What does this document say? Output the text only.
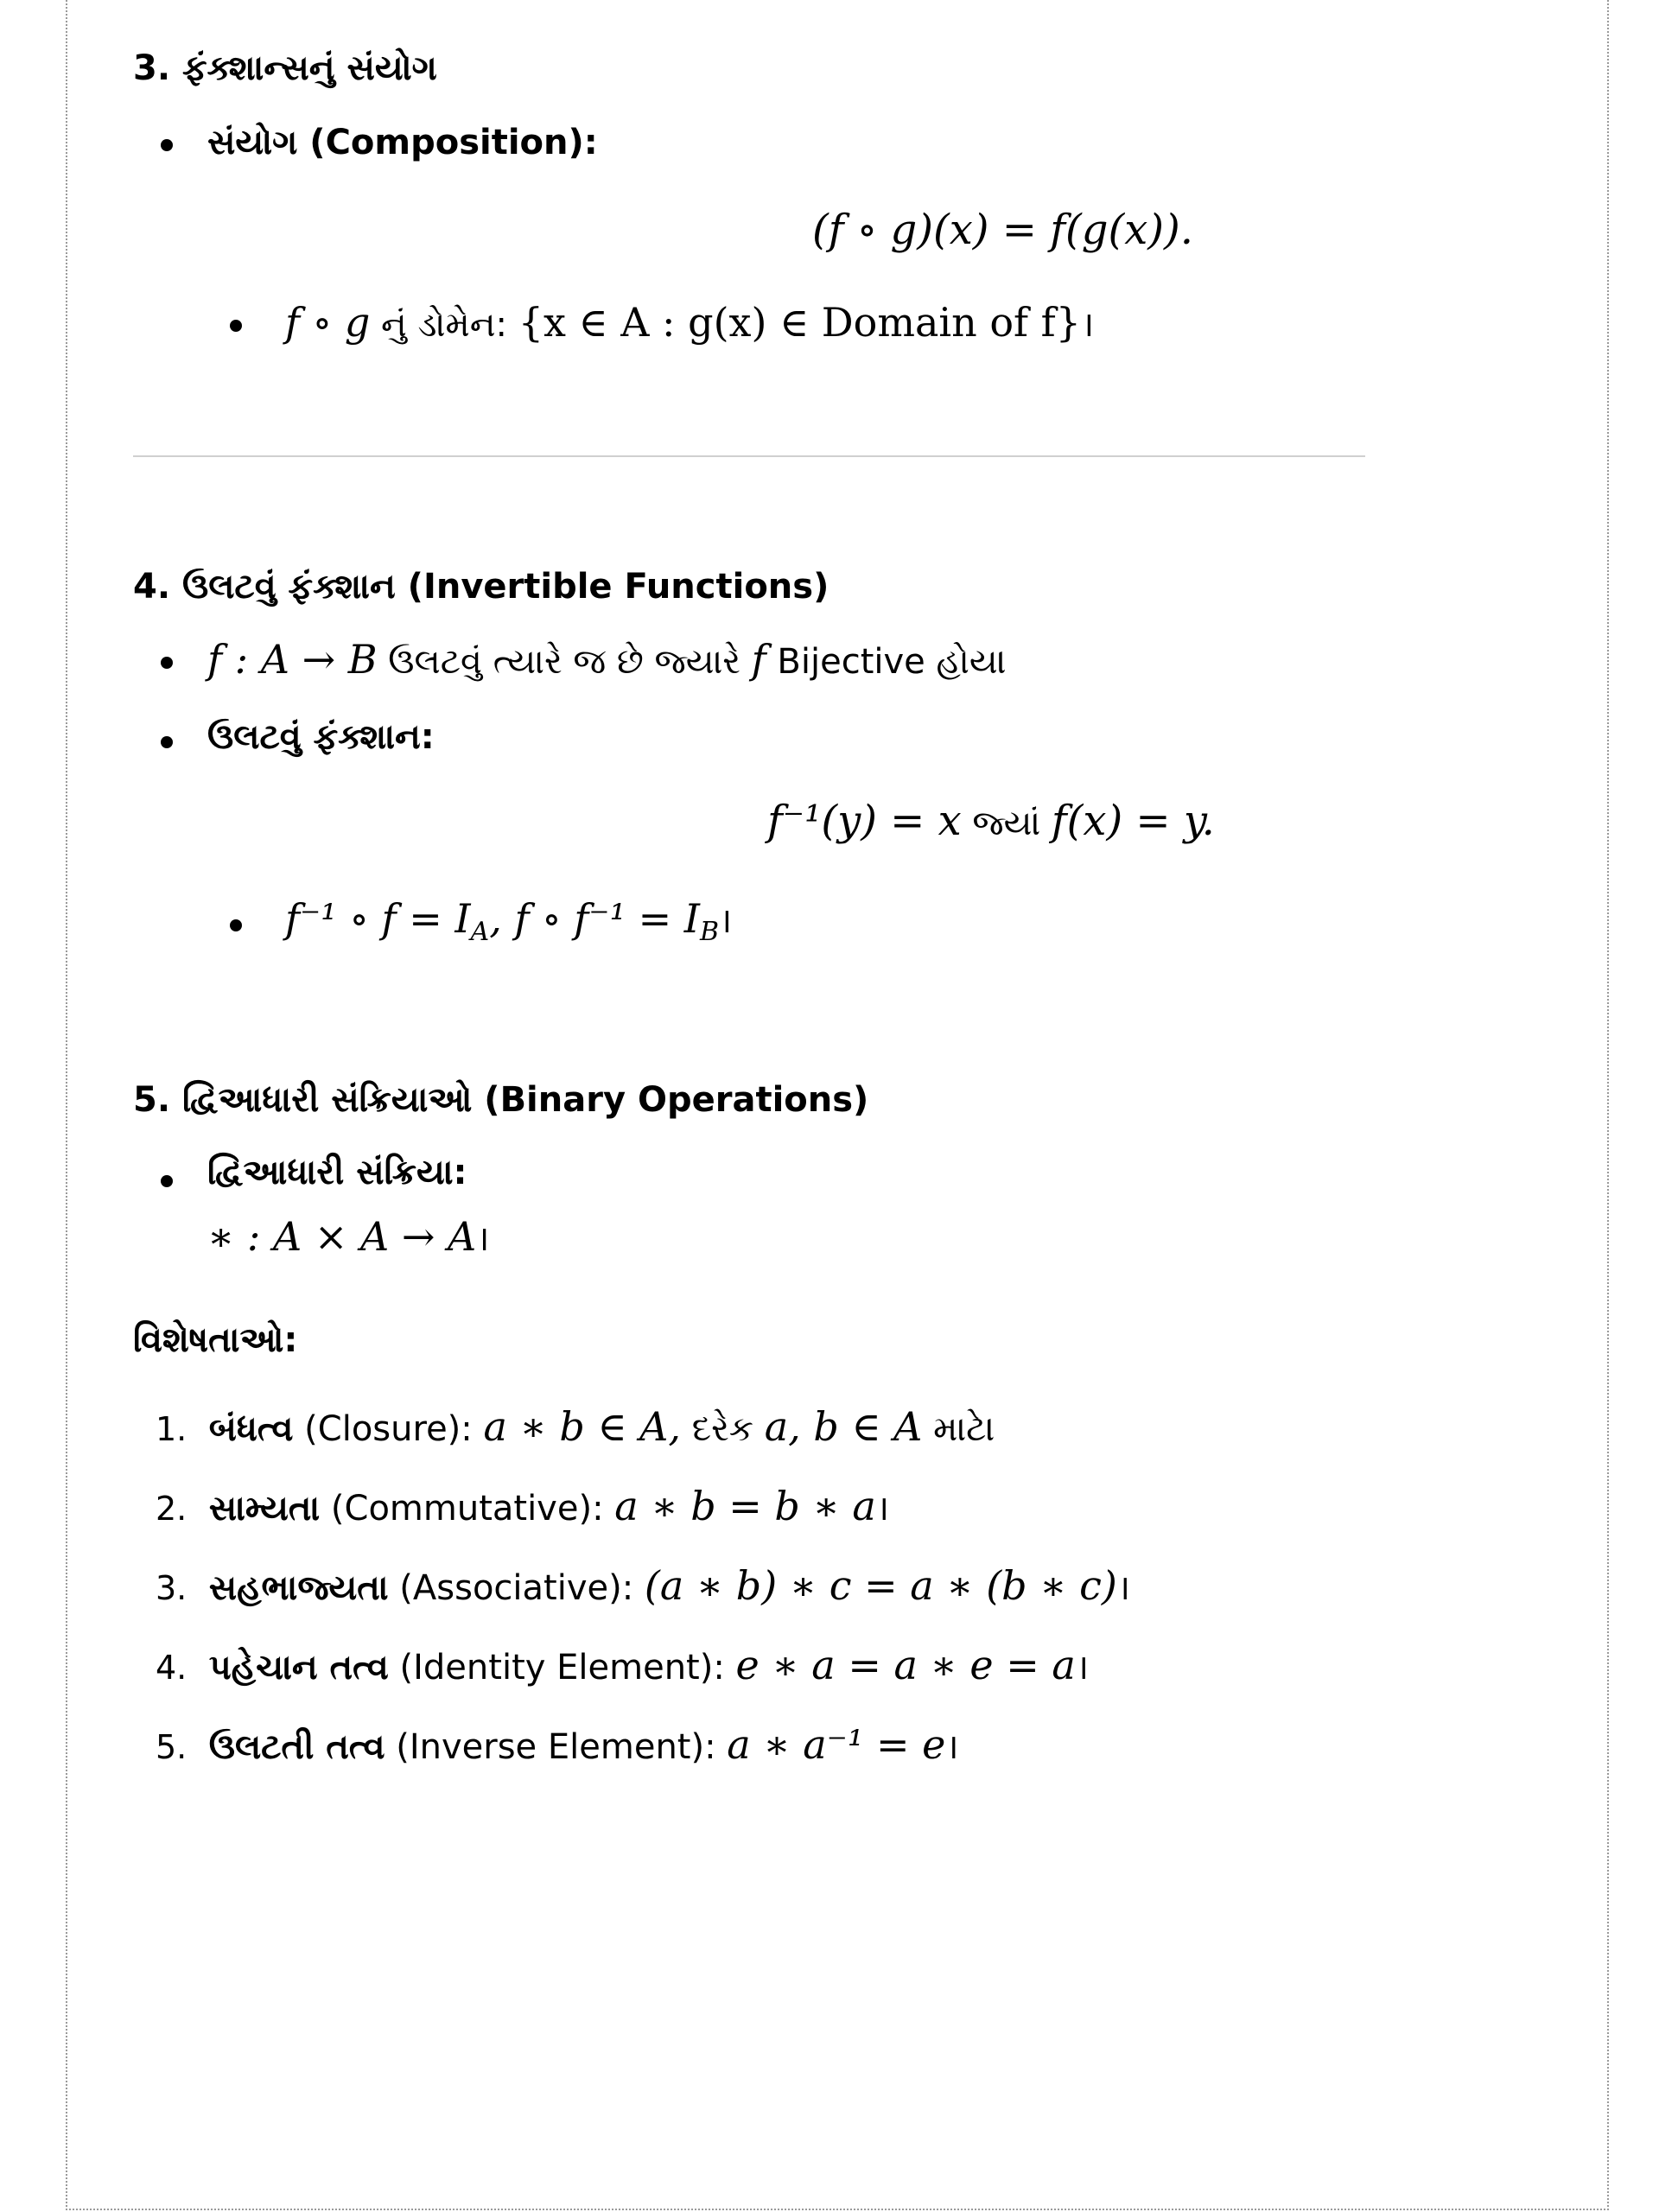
3. ફંક્શાન્સનું સંયોગ
સંયોગ (Composition):
(f ∘ g)(x) = f(g(x)).
f ∘ g નું ડોમેન: {x ∈ A : g(x) ∈ Domain of f}।
4. ઉલટવું ફંક્શાન (Invertible Functions)
f : A → B ઉલટવું ત્યારે જ છે જ્યારે f Bijective હોય।
ઉલટવું ફંક્શાન:
f⁻¹(y) = x જ્યાં f(x) = y.
f⁻¹ ∘ $f = I_A$, f ∘ $f^{-1} = I_B।$
5. દ્વિઆધારી સંક્રિયાઓ (Binary Operations)
દ્વિઆધારી સંક્રિયા:
∗ : A × A → A।
વિશેષતાઓ:
1. બંધત્વ (Closure): a ∗ b ∈ A, દરેક a, b ∈ A માટે।
2. સામ્યતા (Commutative): a ∗ b = b ∗ a।
3. સહભાજ્યતા (Associative): (a ∗ b) ∗ c = a ∗ (b ∗ c)।
4. પહેચાન તત્વ (Identity Element): e ∗ a = a ∗ e = a।
5. ઉલટતી તત્વ (Inverse Element): a ∗ a⁻¹ = e।
